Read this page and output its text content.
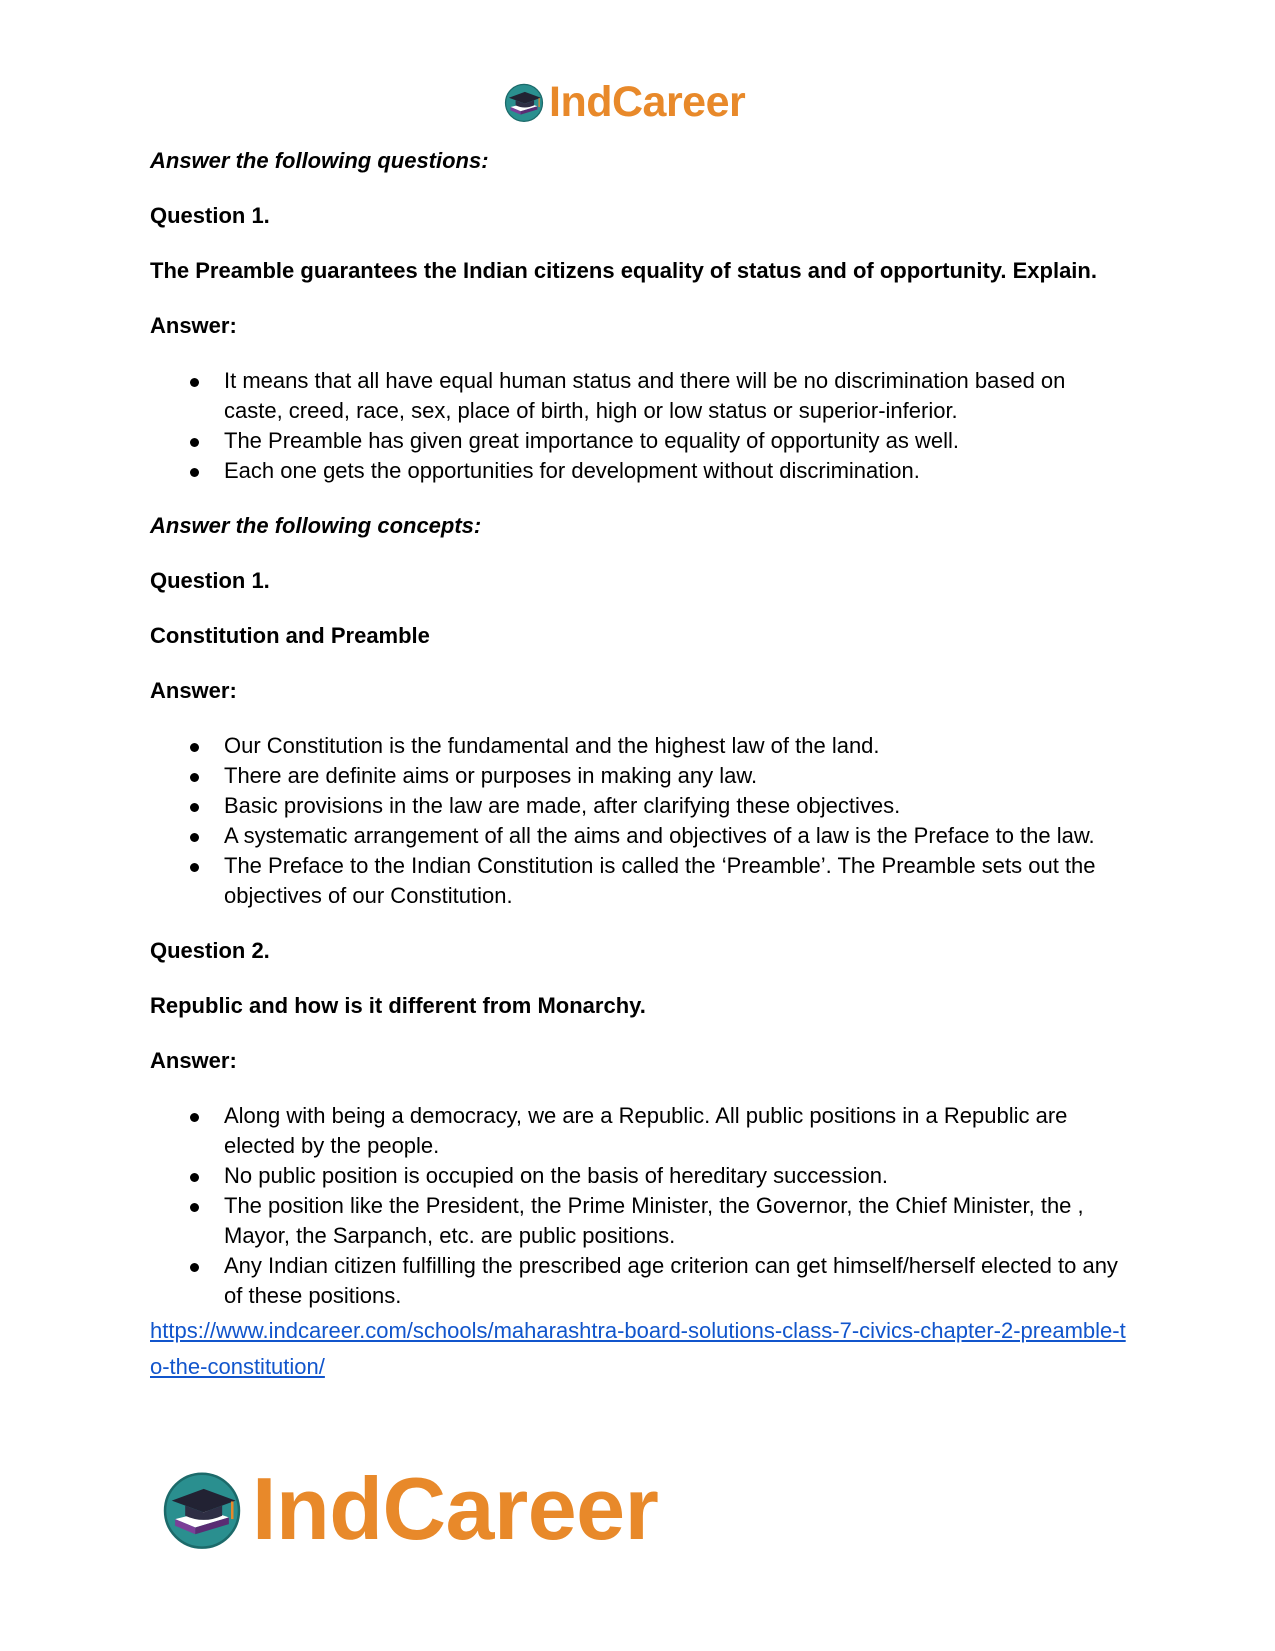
IndCareer

Answer the following questions:

Question 1.

The Preamble guarantees the Indian citizens equality of status and of opportunity. Explain.

Answer:

It means that all have equal human status and there will be no discrimination based on caste, creed, race, sex, place of birth, high or low status or superior-inferior.
The Preamble has given great importance to equality of opportunity as well.
Each one gets the opportunities for development without discrimination.

Answer the following concepts:

Question 1.

Constitution and Preamble

Answer:

Our Constitution is the fundamental and the highest law of the land.
There are definite aims or purposes in making any law.
Basic provisions in the law are made, after clarifying these objectives.
A systematic arrangement of all the aims and objectives of a law is the Preface to the law.
The Preface to the Indian Constitution is called the ‘Preamble’. The Preamble sets out the objectives of our Constitution.

Question 2.

Republic and how is it different from Monarchy.

Answer:

Along with being a democracy, we are a Republic. All public positions in a Republic are elected by the people.
No public position is occupied on the basis of hereditary succession.
The position like the President, the Prime Minister, the Governor, the Chief Minister, the , Mayor, the Sarpanch, etc. are public positions.
Any Indian citizen fulfilling the prescribed age criterion can get himself/herself elected to any of these positions.
https://www.indcareer.com/schools/maharashtra-board-solutions-class-7-civics-chapter-2-preamble-to-the-constitution/
IndCareer
